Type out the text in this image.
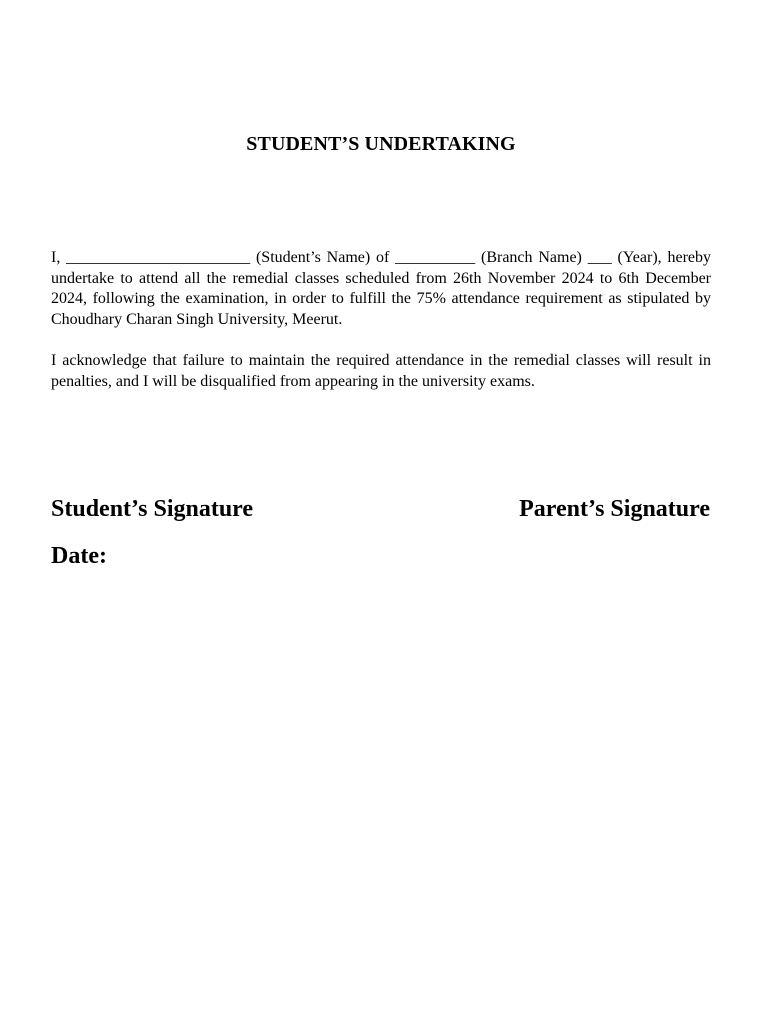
STUDENT’S UNDERTAKING

I, _______________________ (Student’s Name) of __________ (Branch Name) ___ (Year), hereby undertake to attend all the remedial classes scheduled from 26th November 2024 to 6th December 2024, following the examination, in order to fulfill the 75% attendance requirement as stipulated by Choudhary Charan Singh University, Meerut.

I acknowledge that failure to maintain the required attendance in the remedial classes will result in penalties, and I will be disqualified from appearing in the university exams.

Student’s Signature	Parent’s Signature
Date:
